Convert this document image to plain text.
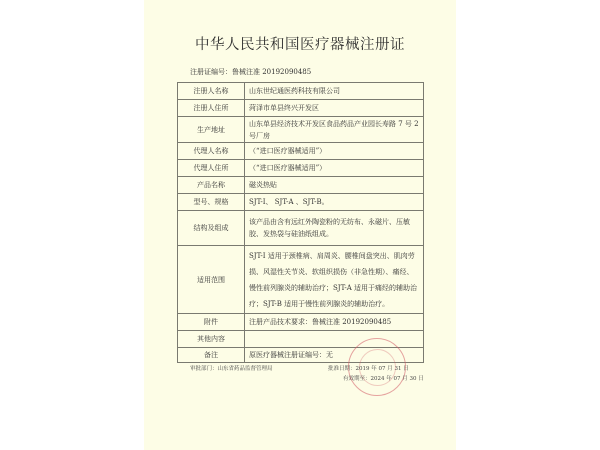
中华人民共和国医疗器械注册证
注册证编号：鲁械注准 20192090485
注册人名称	山东世纪通医药科技有限公司
注册人住所	菏泽市单县终兴开发区
生产地址	山东单县经济技术开发区食品药品产业园长寿路 7 号 2 号厂房
代理人名称	（“进口医疗器械适用”）
代理人住所	（“进口医疗器械适用”）
产品名称	磁炎热贴
型号、规格	SJT-I、 SJT-A 、SJT-B。
结构及组成	该产品由含有远红外陶瓷粉的无纺布、永磁片、压敏胶、发热袋与硅油纸组成。
适用范围	SJT-I 适用于颈椎病、肩周炎、腰椎间盘突出、肌肉劳损、风湿性关节炎、软组织损伤（非急性期）、痛经、慢性前列腺炎的辅助治疗；SJT-A 适用于痛经的辅助治疗；SJT-B 适用于慢性前列腺炎的辅助治疗。
附件	注册产品技术要求：鲁械注准 20192090485
其他内容	
备注	原医疗器械注册证编号：无
审批部门：山东省药品监督管理局	批准日期：2019 年 07 月 31 日
有效期至：2024 年 07 月 30 日
